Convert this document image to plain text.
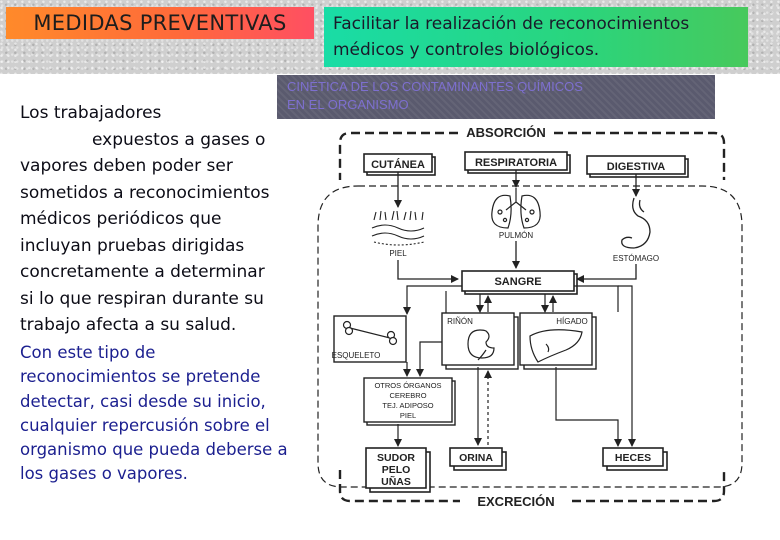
MEDIDAS PREVENTIVAS	Facilitar la realización de reconocimientos
médicos y controles biológicos.
CINÉTICA DE LOS CONTAMINANTES QUÍMICOS
EN EL ORGANISMO
Los trabajadores
expuestos a gases o
vapores deben poder ser
sometidos a reconocimientos
médicos periódicos que
incluyan pruebas dirigidas
concretamente a determinar
si lo que respiran durante su
trabajo afecta a su salud.
Con este tipo de
reconocimientos se pretende
detectar, casi desde su inicio,
cualquier repercusión sobre el
organismo que pueda deberse a
los gases o vapores.
ABSORCIÓN
EXCRECIÓN
CUTÁNEA	RESPIRATORIA	DIGESTIVA
PIEL
PULMÓN
ESTÓMAGO
SANGRE
ESQUELETO
RIÑÓN	HÍGADO
OTROS ÓRGANOS
CEREBRO
TEJ. ADIPOSO
PIEL
SUDOR
PELO
UÑAS
ORINA	HECES
